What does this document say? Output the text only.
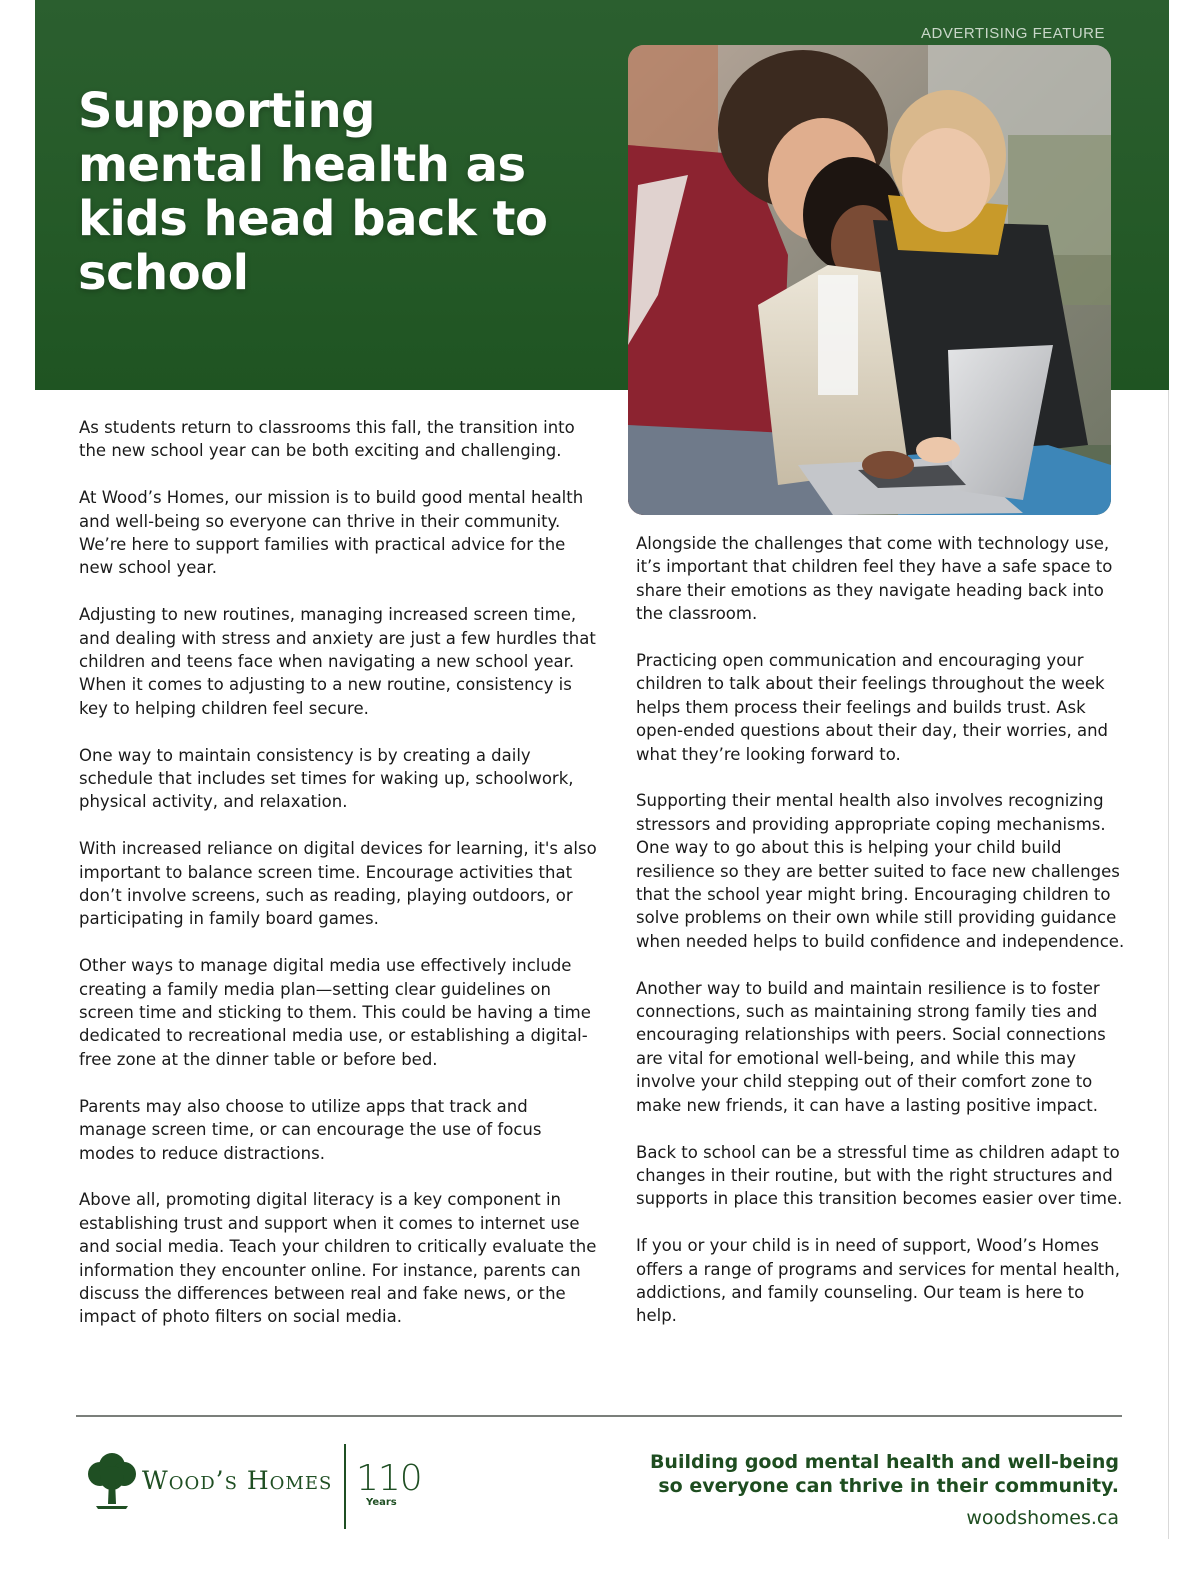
ADVERTISING FEATURE
Supporting mental health as kids head back to school

As students return to classrooms this fall, the transition into the new school year can be both exciting and challenging.

At Wood’s Homes, our mission is to build good mental health and well-being so everyone can thrive in their community. We’re here to support families with practical advice for the new school year.

Adjusting to new routines, managing increased screen time, and dealing with stress and anxiety are just a few hurdles that children and teens face when navigating a new school year. When it comes to adjusting to a new routine, consistency is key to helping children feel secure.

One way to maintain consistency is by creating a daily schedule that includes set times for waking up, schoolwork, physical activity, and relaxation.

With increased reliance on digital devices for learning, it's also important to balance screen time. Encourage activities that don’t involve screens, such as reading, playing outdoors, or participating in family board games.

Other ways to manage digital media use effectively include creating a family media plan—setting clear guidelines on screen time and sticking to them. This could be having a time dedicated to recreational media use, or establishing a digital-free zone at the dinner table or before bed.

Parents may also choose to utilize apps that track and manage screen time, or can encourage the use of focus modes to reduce distractions.

Above all, promoting digital literacy is a key component in establishing trust and support when it comes to internet use and social media. Teach your children to critically evaluate the information they encounter online. For instance, parents can discuss the differences between real and fake news, or the impact of photo filters on social media.

Alongside the challenges that come with technology use, it’s important that children feel they have a safe space to share their emotions as they navigate heading back into the classroom.

Practicing open communication and encouraging your children to talk about their feelings throughout the week helps them process their feelings and builds trust. Ask open-ended questions about their day, their worries, and what they’re looking forward to.

Supporting their mental health also involves recognizing stressors and providing appropriate coping mechanisms. One way to go about this is helping your child build resilience so they are better suited to face new challenges that the school year might bring. Encouraging children to solve problems on their own while still providing guidance when needed helps to build confidence and independence.

Another way to build and maintain resilience is to foster connections, such as maintaining strong family ties and encouraging relationships with peers. Social connections are vital for emotional well-being, and while this may involve your child stepping out of their comfort zone to make new friends, it can have a lasting positive impact.

Back to school can be a stressful time as children adapt to changes in their routine, but with the right structures and supports in place this transition becomes easier over time.

If you or your child is in need of support, Wood’s Homes offers a range of programs and services for mental health, addictions, and family counseling. Our team is here to help.

Wood’s Homes 110
Years
Building good mental health and well-being
so everyone can thrive in their community.
woodshomes.ca
